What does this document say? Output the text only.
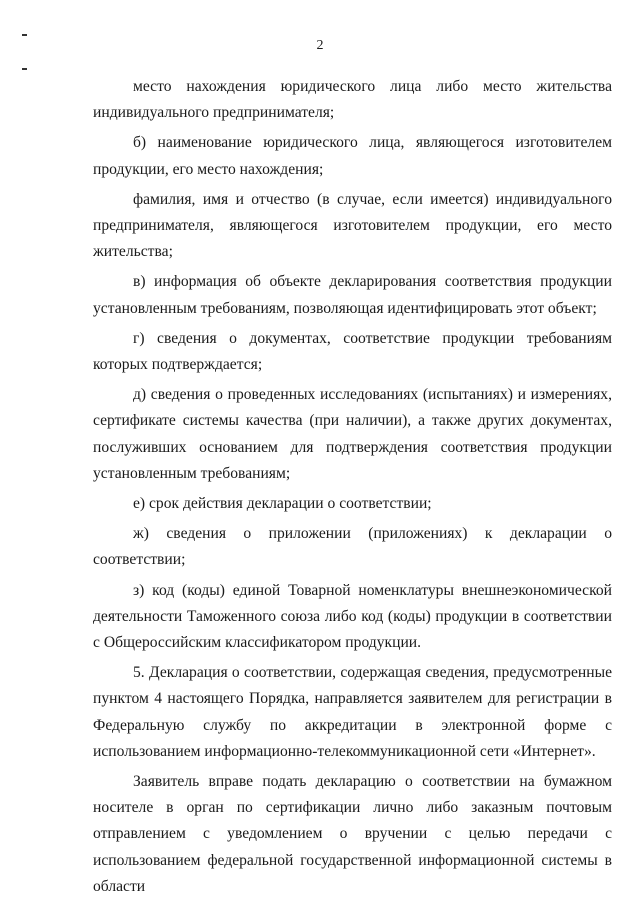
2

место нахождения юридического лица либо место жительства индивидуального предпринимателя;

б) наименование юридического лица, являющегося изготовителем продукции, его место нахождения;

фамилия, имя и отчество (в случае, если имеется) индивидуального предпринимателя, являющегося изготовителем продукции, его место жительства;

в) информация об объекте декларирования соответствия продукции установленным требованиям, позволяющая идентифицировать этот объект;

г) сведения о документах, соответствие продукции требованиям которых подтверждается;

д) сведения о проведенных исследованиях (испытаниях) и измерениях, сертификате системы качества (при наличии), а также других документах, послуживших основанием для подтверждения соответствия продукции установленным требованиям;

е) срок действия декларации о соответствии;

ж) сведения о приложении (приложениях) к декларации о соответствии;

з) код (коды) единой Товарной номенклатуры внешнеэкономической деятельности Таможенного союза либо код (коды) продукции в соответствии с Общероссийским классификатором продукции.

5. Декларация о соответствии, содержащая сведения, предусмотренные пунктом 4 настоящего Порядка, направляется заявителем для регистрации в Федеральную службу по аккредитации в электронной форме с использованием информационно-телекоммуникационной сети «Интернет».

Заявитель вправе подать декларацию о соответствии на бумажном носителе в орган по сертификации лично либо заказным почтовым отправлением с уведомлением о вручении с целью передачи с использованием федеральной государственной информационной системы в области
